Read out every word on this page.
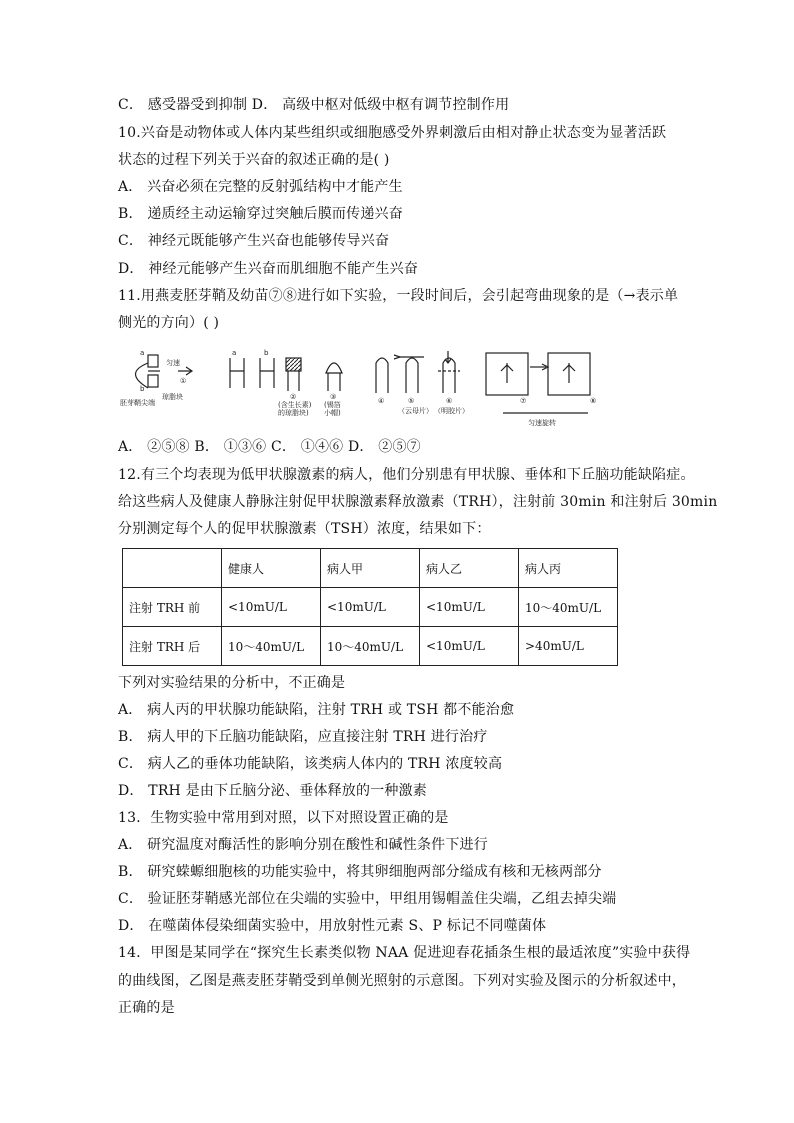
C． 感受器受到抑制 D． 高级中枢对低级中枢有调节控制作用
10.兴奋是动物体或人体内某些组织或细胞感受外界刺激后由相对静止状态变为显著活跃
状态的过程下列关于兴奋的叙述正确的是( )
A． 兴奋必须在完整的反射弧结构中才能产生
B． 递质经主动运输穿过突触后膜而传递兴奋
C． 神经元既能够产生兴奋也能够传导兴奋
D． 神经元能够产生兴奋而肌细胞不能产生兴奋
11.用燕麦胚芽鞘及幼苗⑦⑧进行如下实验，一段时间后，会引起弯曲现象的是（→表示单
侧光的方向）( )
a
b
匀速
琼脂块
胚芽鞘尖端
①
a	b
②
(含生长素)
的琼脂块)
③
(锡箔
小帽)
④	⑤
（云母片）
⑥
（明胶片）
⑦	⑧
匀速旋转
A． ②⑤⑧ B． ①③⑥ C． ①④⑥ D． ②⑤⑦
12.有三个均表现为低甲状腺激素的病人，他们分别患有甲状腺、垂体和下丘脑功能缺陷症。
给这些病人及健康人静脉注射促甲状腺激素释放激素（TRH），注射前 30min 和注射后 30min
分别测定每个人的促甲状腺激素（TSH）浓度，结果如下：
	健康人	病人甲	病人乙	病人丙
注射 TRH 前	<10mU/L	<10mU/L	<10mU/L	10～40mU/L
注射 TRH 后	10～40mU/L	10～40mU/L	<10mU/L	>40mU/L
下列对实验结果的分析中，不正确是
A． 病人丙的甲状腺功能缺陷，注射 TRH 或 TSH 都不能治愈
B． 病人甲的下丘脑功能缺陷，应直接注射 TRH 进行治疗
C． 病人乙的垂体功能缺陷，该类病人体内的 TRH 浓度较高
D． TRH 是由下丘脑分泌、垂体释放的一种激素
13．生物实验中常用到对照，以下对照设置正确的是
A． 研究温度对酶活性的影响分别在酸性和碱性条件下进行
B． 研究蝾螈细胞核的功能实验中，将其卵细胞两部分缢成有核和无核两部分
C． 验证胚芽鞘感光部位在尖端的实验中，甲组用锡帽盖住尖端，乙组去掉尖端
D． 在噬菌体侵染细菌实验中，用放射性元素 S、P 标记不同噬菌体
14．甲图是某同学在“探究生长素类似物 NAA 促进迎春花插条生根的最适浓度”实验中获得
的曲线图，乙图是燕麦胚芽鞘受到单侧光照射的示意图。下列对实验及图示的分析叙述中，
正确的是
